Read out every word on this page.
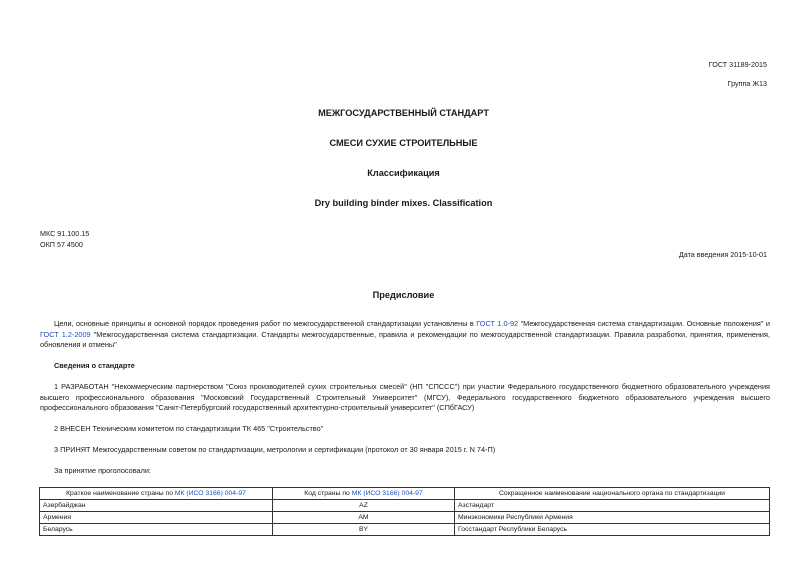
ГОСТ 31189-2015
Группа Ж13
МЕЖГОСУДАРСТВЕННЫЙ СТАНДАРТ
СМЕСИ СУХИЕ СТРОИТЕЛЬНЫЕ
Классификация
Dry building binder mixes. Classification
МКС 91.100.15
ОКП 57 4500
Дата введения 2015-10-01
Предисловие
Цели, основные принципы и основной порядок проведения работ по межгосударственной стандартизации установлены в ГОСТ 1.0-92 "Межгосударственная система стандартизации. Основные положения" и ГОСТ 1.2-2009 "Межгосударственная система стандартизации. Стандарты межгосударственные, правила и рекомендации по межгосударственной стандартизации. Правила разработки, принятия, применения, обновления и отмены"
Сведения о стандарте
1 РАЗРАБОТАН "Некоммерческим партнерством "Союз производителей сухих строительных смесей" (НП "СПСCC") при участии Федерального государственного бюджетного образовательного учреждения высшего профессионального образования "Московский Государственный Строительный Университет" (МГСУ), Федерального государственного бюджетного образовательного учреждения высшего профессионального образования "Санкт-Петербургский государственный архитектурно-строительный университет" (СПбГАСУ)
2 ВНЕСЕН Техническим комитетом по стандартизации ТК 465 "Строительство"
3 ПРИНЯТ Межгосударственным советом по стандартизации, метрологии и сертификации (протокол от 30 января 2015 г. N 74-П)
За принятие проголосовали:
Краткое наименование страны по МК (ИСО 3166) 004-97	Код страны по МК (ИСО 3166) 004-97	Сокращенное наименование национального органа по стандартизации
Азербайджан	AZ	Азстандарт
Армения	AM	Минэкономики Республики Армения
Беларусь	BY	Госстандарт Республики Беларусь
